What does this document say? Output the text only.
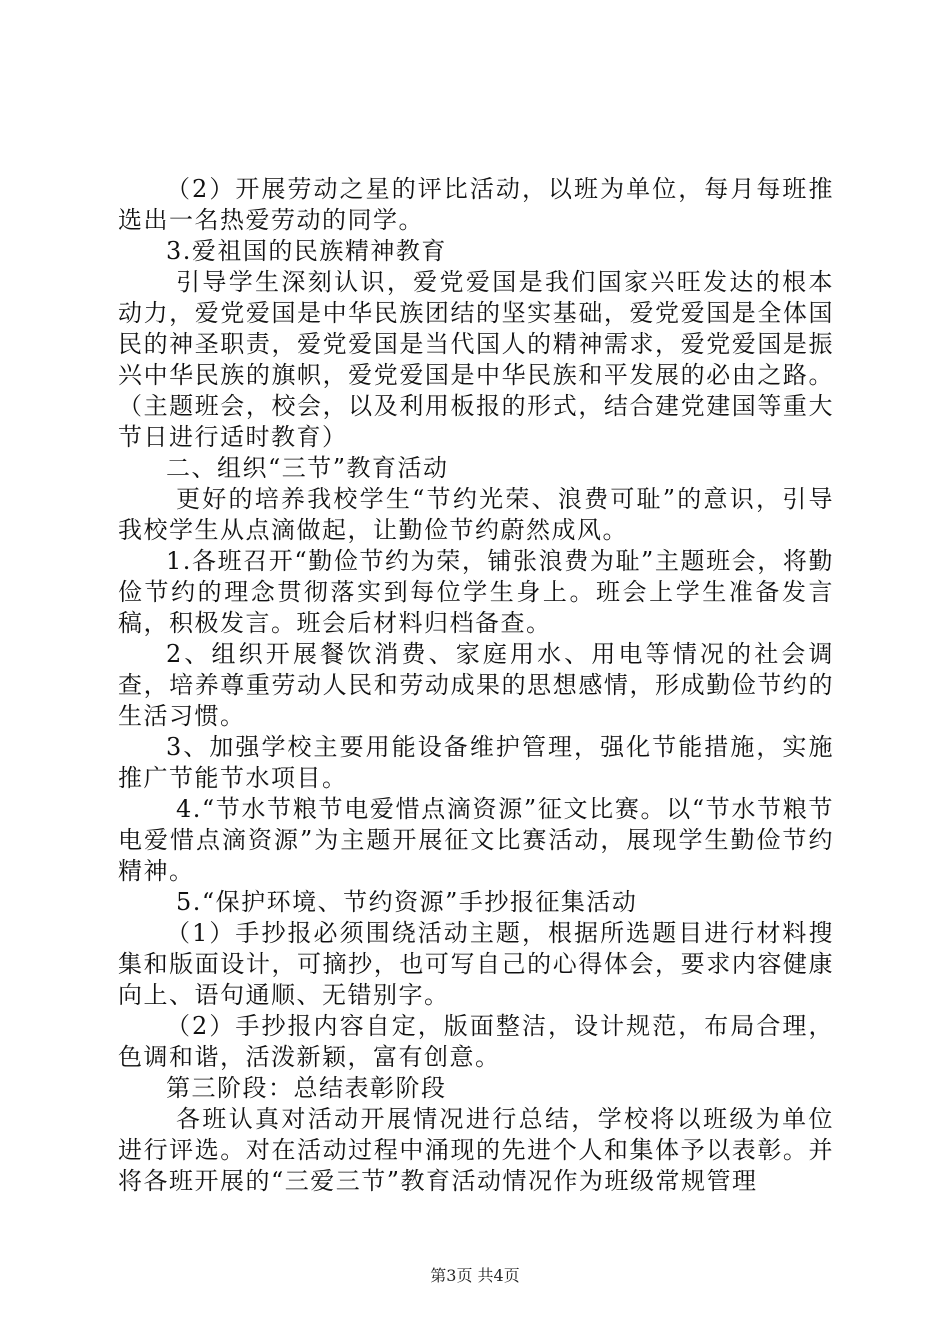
（2）开展劳动之星的评比活动，以班为单位，每月每班推选出一名热爱劳动的同学。

3.爱祖国的民族精神教育

引导学生深刻认识，爱党爱国是我们国家兴旺发达的根本动力，爱党爱国是中华民族团结的坚实基础，爱党爱国是全体国民的神圣职责，爱党爱国是当代国人的精神需求，爱党爱国是振兴中华民族的旗帜，爱党爱国是中华民族和平发展的必由之路。（主题班会，校会，以及利用板报的形式，结合建党建国等重大节日进行适时教育）

二、组织“三节”教育活动

更好的培养我校学生“节约光荣、浪费可耻”的意识，引导我校学生从点滴做起，让勤俭节约蔚然成风。

1.各班召开“勤俭节约为荣，铺张浪费为耻”主题班会，将勤俭节约的理念贯彻落实到每位学生身上。班会上学生准备发言稿，积极发言。班会后材料归档备查。

2、组织开展餐饮消费、家庭用水、用电等情况的社会调查，培养尊重劳动人民和劳动成果的思想感情，形成勤俭节约的生活习惯。

3、加强学校主要用能设备维护管理，强化节能措施，实施推广节能节水项目。

4.“节水节粮节电爱惜点滴资源”征文比赛。以“节水节粮节电爱惜点滴资源”为主题开展征文比赛活动，展现学生勤俭节约精神。

5.“保护环境、节约资源”手抄报征集活动

（1）手抄报必须围绕活动主题，根据所选题目进行材料搜集和版面设计，可摘抄，也可写自己的心得体会，要求内容健康向上、语句通顺、无错别字。

（2）手抄报内容自定，版面整洁，设计规范，布局合理，色调和谐，活泼新颖，富有创意。

第三阶段：总结表彰阶段

各班认真对活动开展情况进行总结，学校将以班级为单位进行评选。对在活动过程中涌现的先进个人和集体予以表彰。并将各班开展的“三爱三节”教育活动情况作为班级常规管理

第3页 共4页
